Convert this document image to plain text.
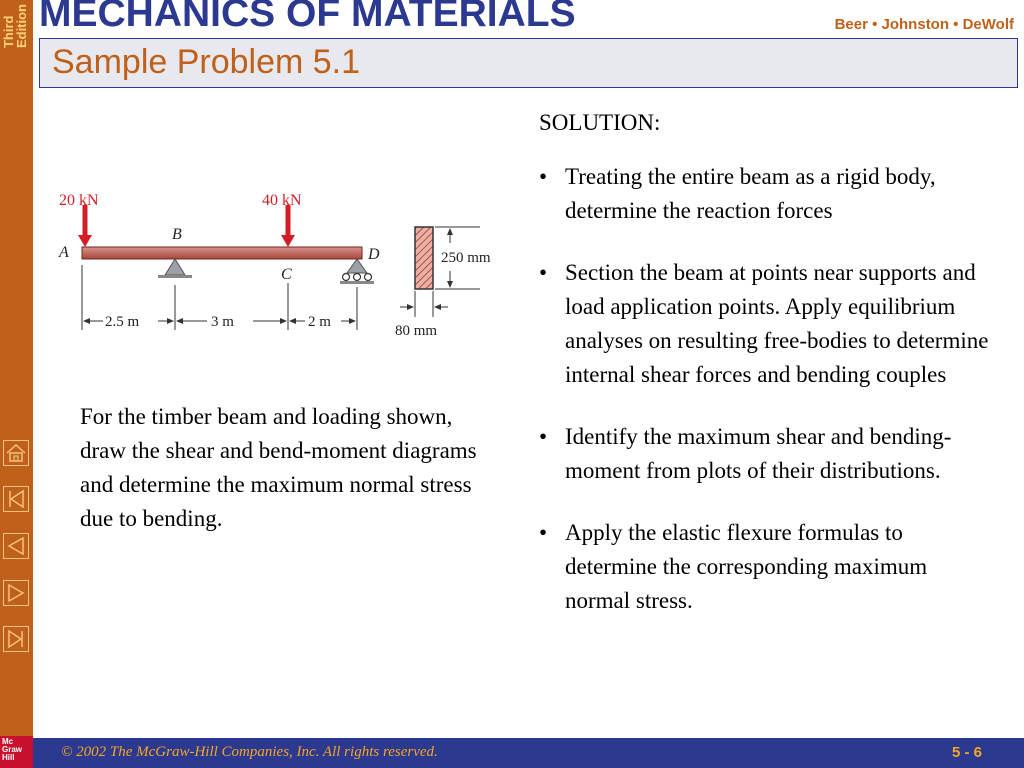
Third
Edition
Mc
Graw
Hill
MECHANICS OF MATERIALS	Beer • Johnston • DeWolf
Sample Problem 5.1
20 kN	40 kN
A
B
C
D
2.5 m	3 m	2 m
250 mm
80 mm

For the timber beam and loading shown, draw the shear and bend-moment diagrams and determine the maximum normal stress due to bending.

SOLUTION:
• Treating the entire beam as a rigid body, determine the reaction forces
• Section the beam at points near supports and load application points. Apply equilibrium analyses on resulting free-bodies to determine internal shear forces and bending couples
• Identify the maximum shear and bending-moment from plots of their distributions.
• Apply the elastic flexure formulas to determine the corresponding maximum normal stress.
© 2002 The McGraw-Hill Companies, Inc. All rights reserved.	5 - 6
